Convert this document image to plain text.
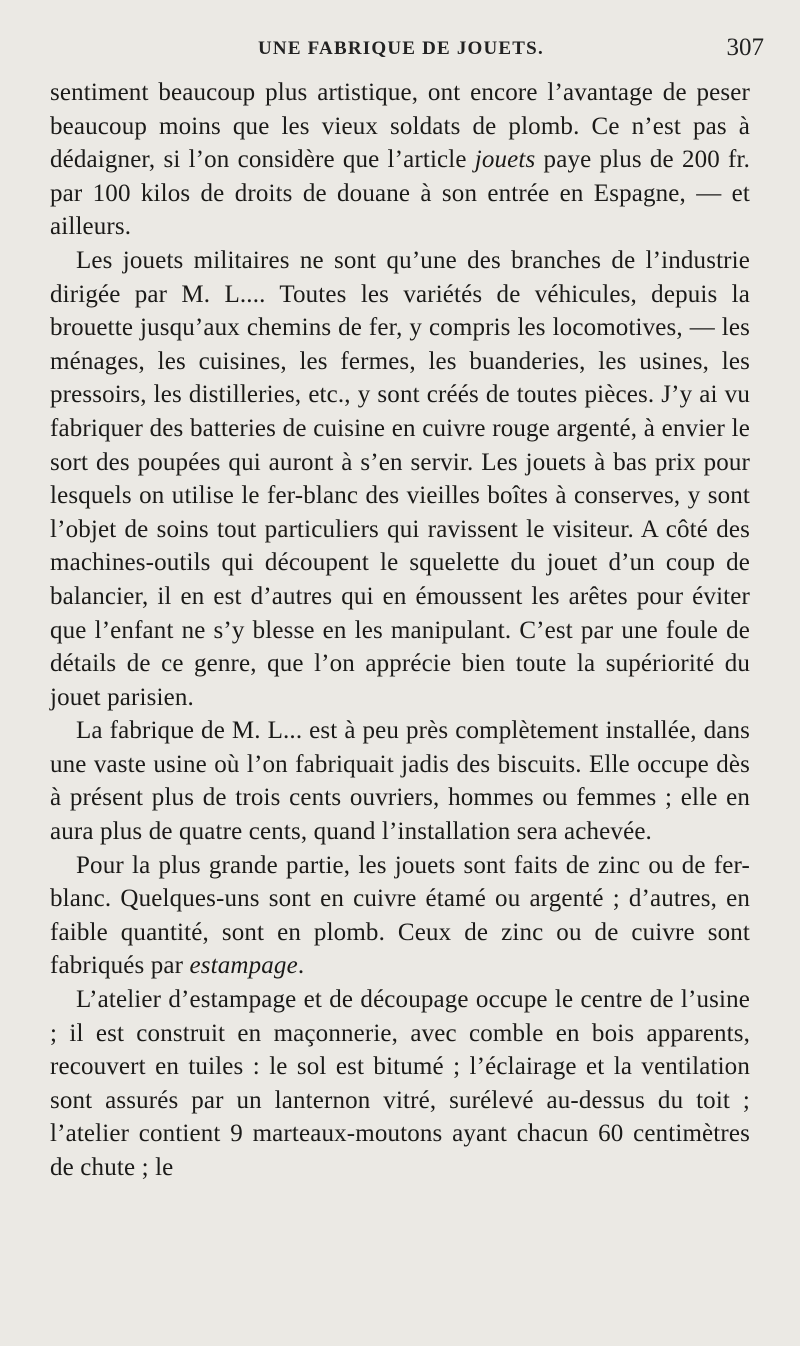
UNE FABRIQUE DE JOUETS.	307

sentiment beaucoup plus artistique, ont encore l’avantage de peser beaucoup moins que les vieux soldats de plomb. Ce n’est pas à dédaigner, si l’on considère que l’article jouets paye plus de 200 fr. par 100 kilos de droits de douane à son entrée en Espagne, — et ailleurs.

Les jouets militaires ne sont qu’une des branches de l’industrie dirigée par M. L.... Toutes les variétés de véhicules, depuis la brouette jusqu’aux chemins de fer, y compris les locomotives, — les ménages, les cuisines, les fermes, les buanderies, les usines, les pressoirs, les distilleries, etc., y sont créés de toutes pièces. J’y ai vu fabriquer des batteries de cuisine en cuivre rouge argenté, à envier le sort des poupées qui auront à s’en servir. Les jouets à bas prix pour lesquels on utilise le fer-blanc des vieilles boîtes à conserves, y sont l’objet de soins tout particuliers qui ravissent le visiteur. A côté des machines-outils qui découpent le squelette du jouet d’un coup de balancier, il en est d’autres qui en émoussent les arêtes pour éviter que l’enfant ne s’y blesse en les manipulant. C’est par une foule de détails de ce genre, que l’on apprécie bien toute la supériorité du jouet parisien.

La fabrique de M. L... est à peu près complètement installée, dans une vaste usine où l’on fabriquait jadis des biscuits. Elle occupe dès à présent plus de trois cents ouvriers, hommes ou femmes ; elle en aura plus de quatre cents, quand l’installation sera achevée.

Pour la plus grande partie, les jouets sont faits de zinc ou de fer-blanc. Quelques-uns sont en cuivre étamé ou argenté ; d’autres, en faible quantité, sont en plomb. Ceux de zinc ou de cuivre sont fabriqués par estampage.

L’atelier d’estampage et de découpage occupe le centre de l’usine ; il est construit en maçonnerie, avec comble en bois apparents, recouvert en tuiles : le sol est bitumé ; l’éclairage et la ventilation sont assurés par un lanternon vitré, surélevé au-dessus du toit ; l’atelier contient 9 marteaux-moutons ayant chacun 60 centimètres de chute ; le
